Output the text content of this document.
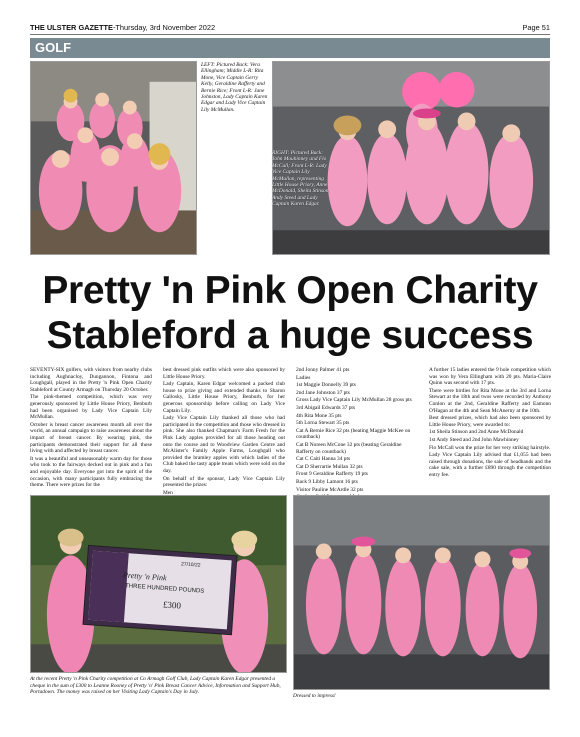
THE ULSTER GAZETTE-Thursday, 3rd November 2022	Page 51
GOLF
LEFT: Pictured Back: Vera Ellingham; Middle L-R: Rita Mone, Vice Captain Gerry Kelly, Geraldine Rafferty and Bernie Rice; Front L-R: Jane Johnston, Lady Captain Karen Edgar and Lady Vice Captain Lily McMullan.
RIGHT: Pictured Back: John Mouhinney and Flo McCall; Front L-R: Lady Vice Captain Lily McMullan, representing Little House Priory, Anne McDonald, Sheila Stinson, Andy Steed and Lady Captain Karen Edgar.
Pretty 'n Pink Open Charity
Stableford a huge success

SEVENTY-SIX golfers, with visitors from nearby clubs including Aughnacloy, Dungannon, Fintona and Loughgall, played in the Pretty 'n Pink Open Charity Stableford at County Armagh on Thursday 20 October.

The pink-themed competition, which was very generously sponsored by Little House Priory, Benburb had been organised by Lady Vice Captain Lily McMullan.

October is breast cancer awareness month all over the world, an annual campaign to raise awareness about the impact of breast cancer. By wearing pink, the participants demonstrated their support for all those living with and affected by breast cancer.

It was a beautiful and unseasonably warm day for those who took to the fairways decked out in pink and a fun and enjoyable day. Everyone got into the spirit of the occasion, with many participants fully embracing the theme. There were prizes for the

best dressed pink outfits which were also sponsored by Little House Priory.

Lady Captain, Karen Edgar welcomed a packed club house to prize giving and extended thanks to Sharon Gallosky, Little House Priory, Benburb, for her generous sponsorship before calling on Lady Vice Captain Lily.

Lady Vice Captain Lily thanked all those who had participated in the competition and those who dressed in pink. She also thanked Chapman's Farm Fresh for the Pink Lady apples provided for all those heading out onto the course and to Woodview Garden Centre and McAlister's Family Apple Farms, Loughgall who provided the bramley apples with which ladies of the Club baked the tasty apple treats which were sold on the day.

On behalf of the sponsor, Lady Vice Captain Lily presented the prizes:

Men

2nd Jonny Palmer 41 pts

Ladies

1st Maggie Donnelly 39 pts

2nd Jane Johnston 37 pts

Gross Lady Vice Captain Lily McMullan 28 gross pts

3rd Abigail Edwards 37 pts

4th Rita Mone 35 pts

5th Lorna Stewart 35 pts

Cat A Bernie Rice 32 pts (beating Maggie McKee on countback)

Cat B Noreen McCone 32 pts (beating Geraldine Rafferty on countback)

Cat C Caiti Hanna 34 pts

Cat D Sherrartie Mullan 32 pts

Front 9 Geraldine Rafferty 19 pts

Back 9 Libby Lamont 16 pts

Visitor Pauline McArdle 32 pts

A further 15 ladies entered the 9 hole competition which was won by Vera Ellingham with 20 pts. Maria-Claire Quinn was second with 17 pts.

There were birdies for Rita Mone at the 3rd and Lorna Stewart at the 18th and twos were recorded by Anthony Conlon at the 2nd, Geraldine Rafferty and Eamonn O'Hagan at the 4th and Sean McAnerny at the 10th.

Best dressed prizes, which had also been sponsored by Little House Priory, were awarded to:

1st Sheila Stinson and 2nd Anne McDonald

1st Andy Steed and 2nd John Mawhinney

Flo McCall won the prize for her very striking hairstyle.

Lady Vice Captain Lily advised that £1,055 had been raised through donations, the sale of headbands and the cake sale, with a further £890 through the competition entry fee.

Pretty 'n Pink
THREE HUNDRED POUNDS
£300
27/10/22
At the recent Pretty 'n Pink Charity competition at Co Armagh Golf Club, Lady Captain Karen Edgar presented a cheque in the sum of £300 to Leanne Rooney of Pretty 'n' Pink Breast Cancer Advice, Information and Support Hub, Portadown. The money was raised on her Visiting Lady Captain's Day in July.
Dressed to impress!
